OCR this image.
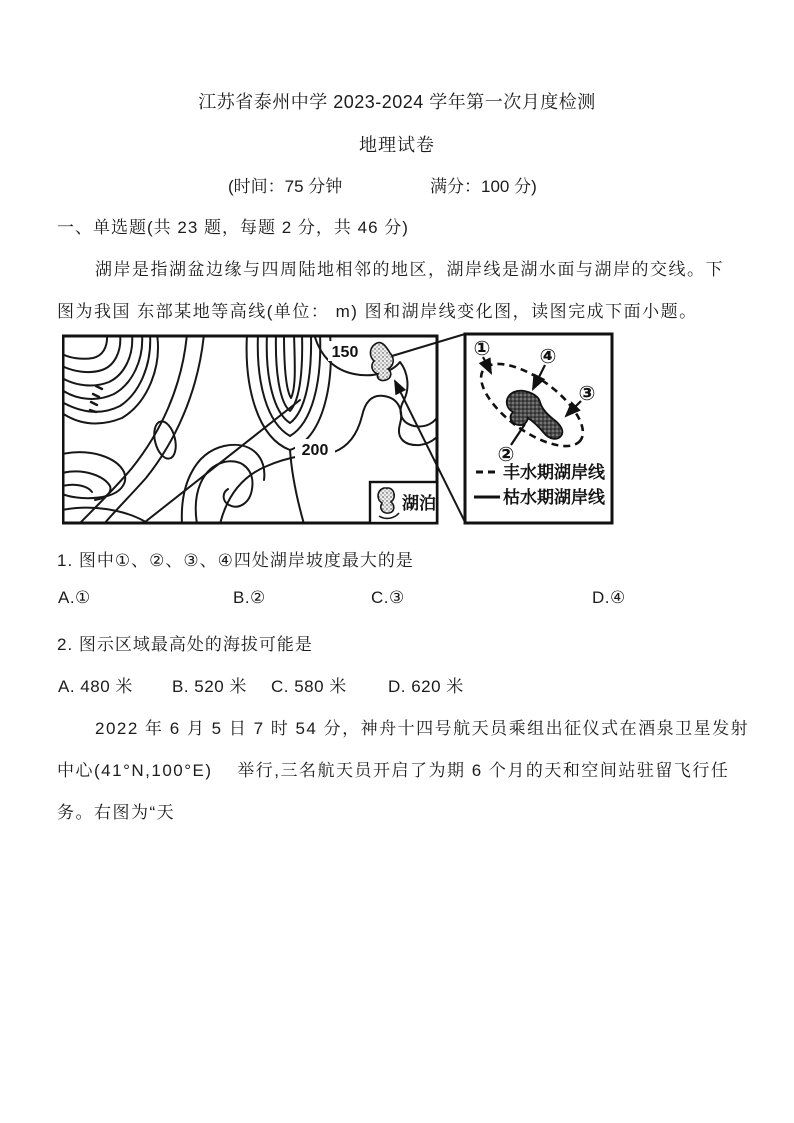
江苏省泰州中学 2023-2024 学年第一次月度检测
地理试卷
(时间：75 分钟	满分：100 分)
一、单选题(共 23 题，每题 2 分，共 46 分)
湖岸是指湖盆边缘与四周陆地相邻的地区，湖岸线是湖水面与湖岸的交线。下
图为我国 东部某地等高线(单位： m) 图和湖岸线变化图，读图完成下面小题。
150
200
湖泊
① ④
③
②
丰水期湖岸线
枯水期湖岸线
1. 图中①、②、③、④四处湖岸坡度最大的是
A.①	B.②	C.③	D.④
2. 图示区域最高处的海拔可能是
A. 480 米 B. 520 米 C. 580 米 D. 620 米
2022 年 6 月 5 日 7 时 54 分，神舟十四号航天员乘组出征仪式在酒泉卫星发射
中心(41°N,100°E)　 举行,三名航天员开启了为期 6 个月的天和空间站驻留飞行任
务。右图为“天
